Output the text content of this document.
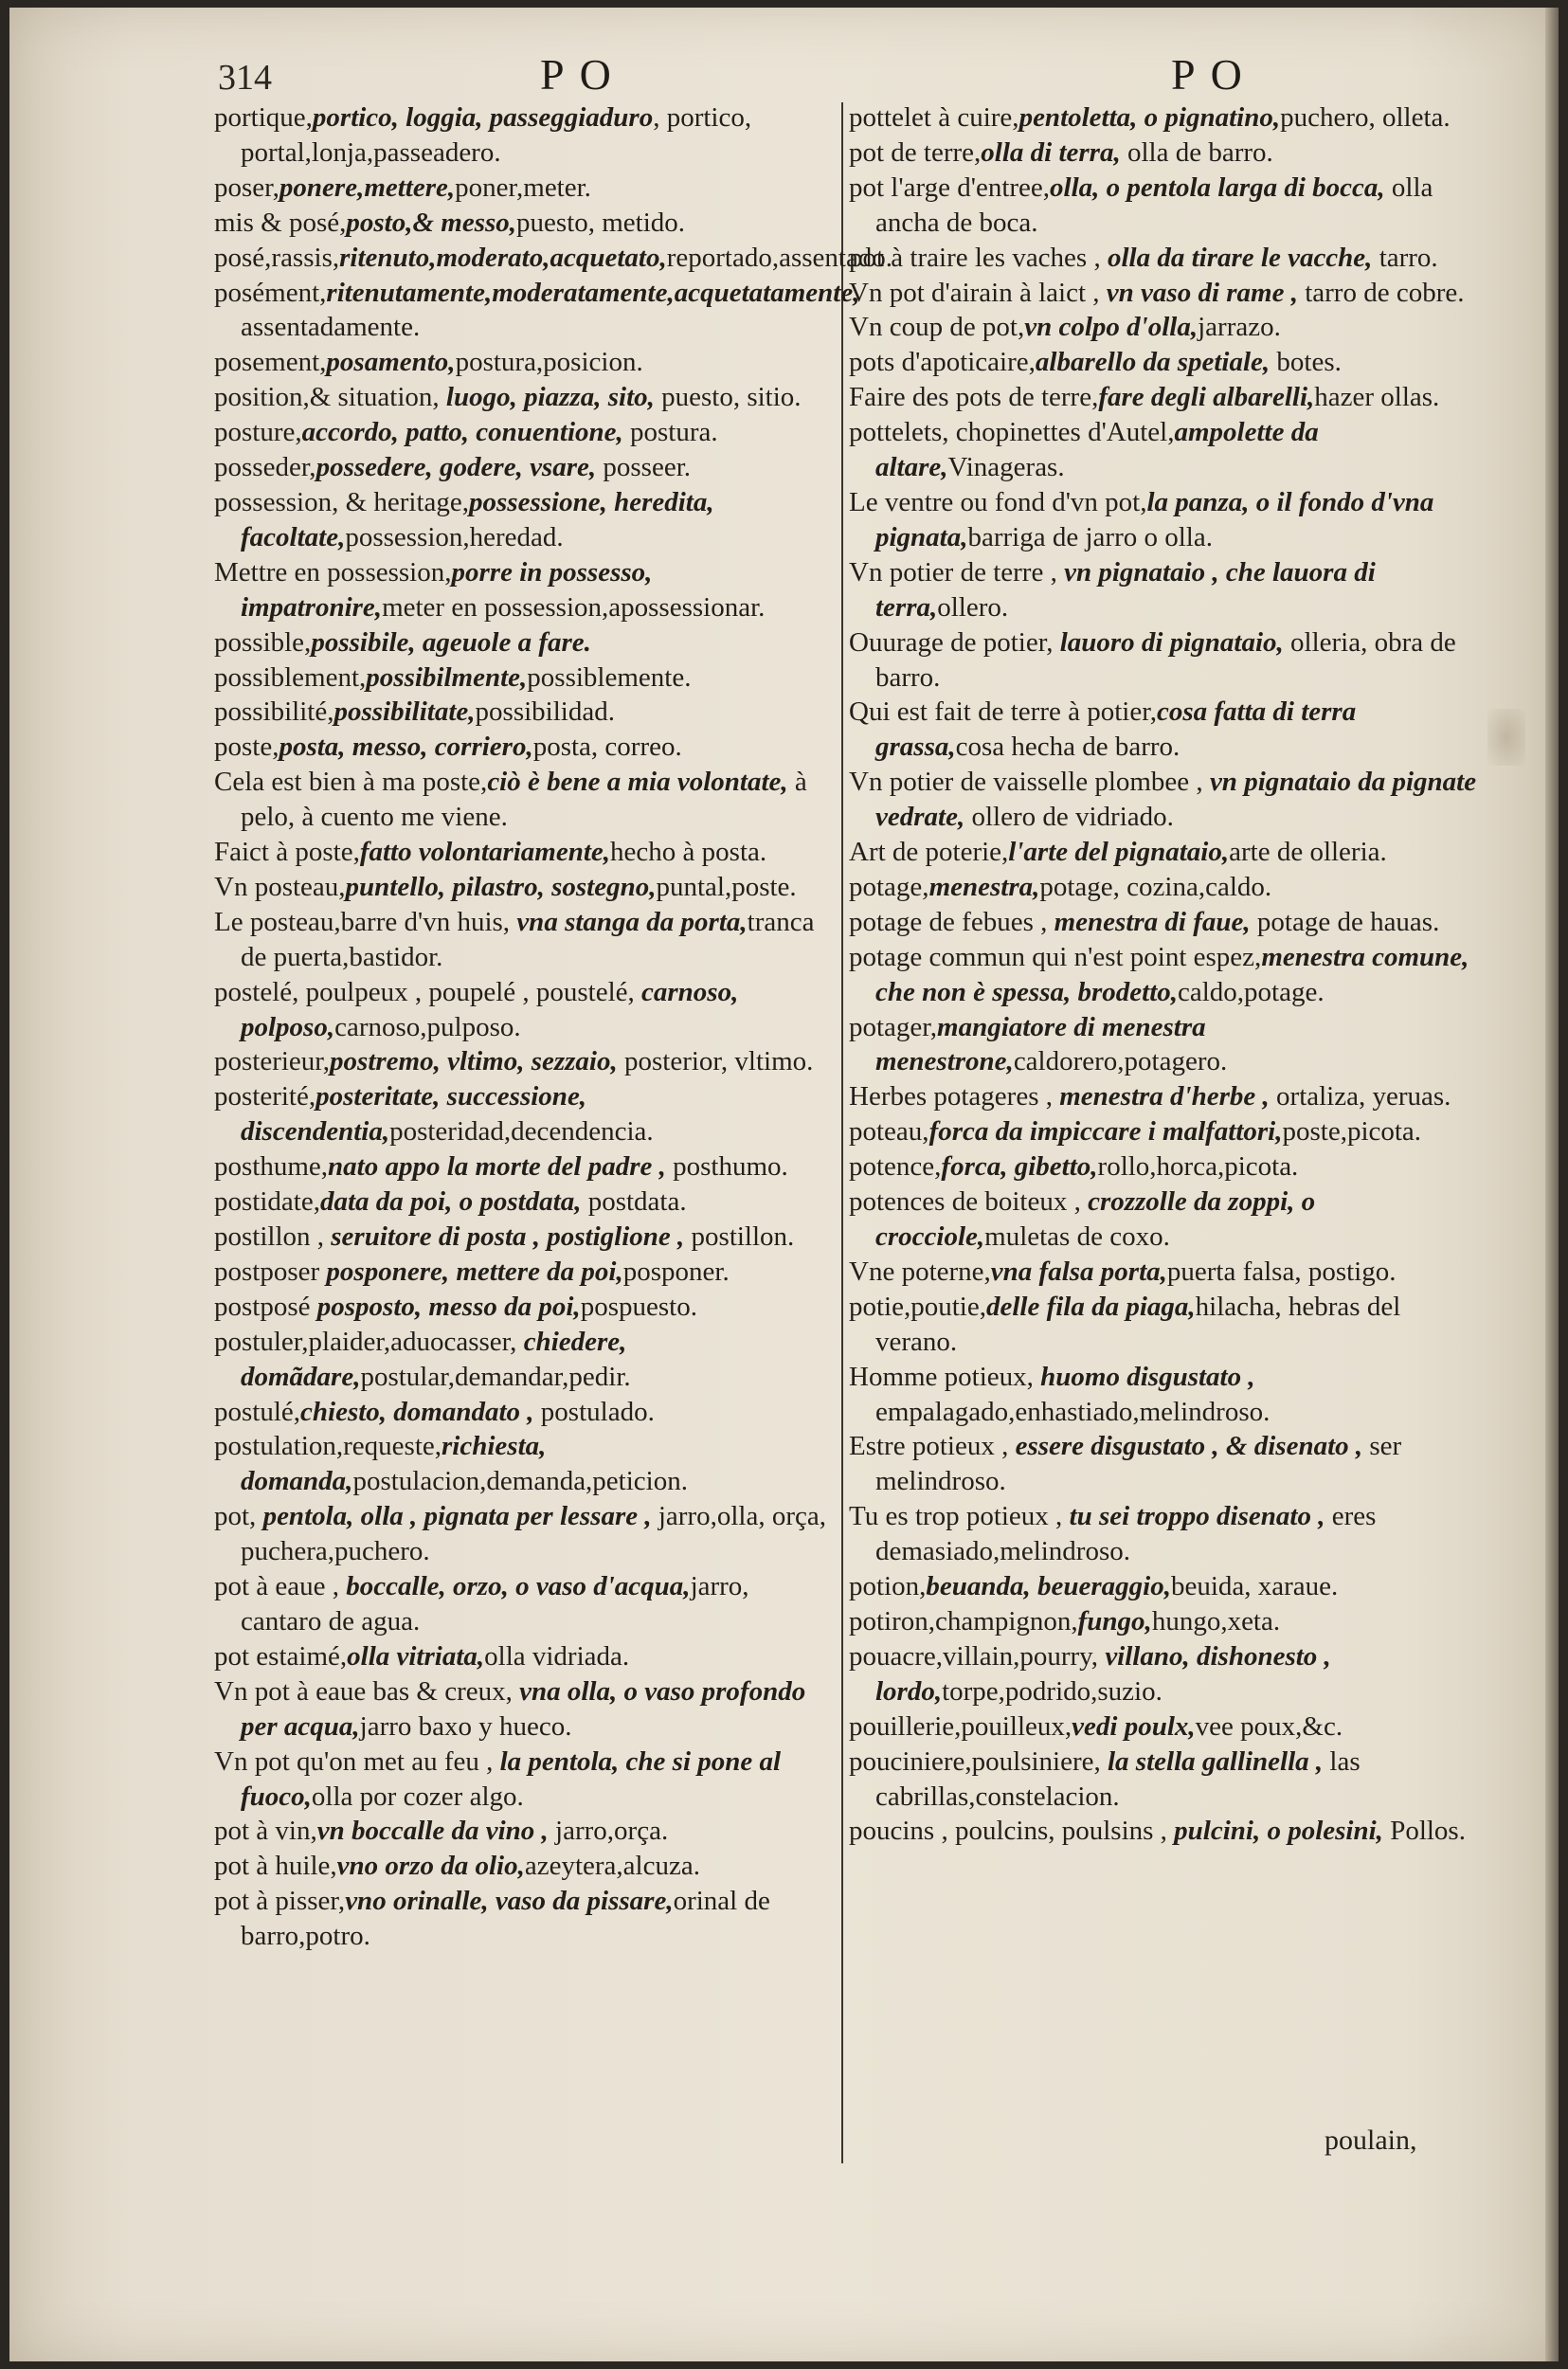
314	PO	PO

portique,portico, loggia, passeggiaduro, portico, portal,lonja,passeadero.

poser,ponere,mettere,poner,meter.

mis & posé,posto,& messo,puesto, metido.

posé,rassis,ritenuto,moderato,acquetato,reportado,assentado.

posément,ritenutamente,moderatamente,acquetatamente, assentadamente.

posement,posamento,postura,posicion.

position,& situation, luogo, piazza, sito, puesto, sitio.

posture,accordo, patto, conuentione, postura.

posseder,possedere, godere, vsare, posseer.

possession, & heritage,possessione, heredita, facoltate,possession,heredad.

Mettre en possession,porre in possesso, impatronire,meter en possession,apossessionar.

possible,possibile, ageuole a fare.

possiblement,possibilmente,possiblemente.

possibilité,possibilitate,possibilidad.

poste,posta, messo, corriero,posta, correo.

Cela est bien à ma poste,ciò è bene a mia volontate, à pelo, à cuento me viene.

Faict à poste,fatto volontariamente,hecho à posta.

Vn posteau,puntello, pilastro, sostegno,puntal,poste.

Le posteau,barre d'vn huis, vna stanga da porta,tranca de puerta,bastidor.

postelé, poulpeux , poupelé , poustelé, carnoso, polposo,carnoso,pulposo.

posterieur,postremo, vltimo, sezzaio, posterior, vltimo.

posterité,posteritate, successione, discendentia,posteridad,decendencia.

posthume,nato appo la morte del padre , posthumo.

postidate,data da poi, o postdata, postdata.

postillon , seruitore di posta , postiglione , postillon.

postposer posponere, mettere da poi,posponer.

postposé posposto, messo da poi,pospuesto.

postuler,plaider,aduocasser, chiedere, domãdare,postular,demandar,pedir.

postulé,chiesto, domandato , postulado.

postulation,requeste,richiesta, domanda,postulacion,demanda,peticion.

pot, pentola, olla , pignata per lessare , jarro,olla, orça, puchera,puchero.

pot à eaue , boccalle, orzo, o vaso d'acqua,jarro, cantaro de agua.

pot estaimé,olla vitriata,olla vidriada.

Vn pot à eaue bas & creux, vna olla, o vaso profondo per acqua,jarro baxo y hueco.

Vn pot qu'on met au feu , la pentola, che si pone al fuoco,olla por cozer algo.

pot à vin,vn boccalle da vino , jarro,orça.

pot à huile,vno orzo da olio,azeytera,alcuza.

pot à pisser,vno orinalle, vaso da pissare,orinal de barro,potro.

pottelet à cuire,pentoletta, o pignatino,puchero, olleta.

pot de terre,olla di terra, olla de barro.

pot l'arge d'entree,olla, o pentola larga di bocca, olla ancha de boca.

pot à traire les vaches , olla da tirare le vacche, tarro.

Vn pot d'airain à laict , vn vaso di rame , tarro de cobre.

Vn coup de pot,vn colpo d'olla,jarrazo.

pots d'apoticaire,albarello da spetiale, botes.

Faire des pots de terre,fare degli albarelli,hazer ollas.

pottelets, chopinettes d'Autel,ampolette da altare,Vinageras.

Le ventre ou fond d'vn pot,la panza, o il fondo d'vna pignata,barriga de jarro o olla.

Vn potier de terre , vn pignataio , che lauora di terra,ollero.

Ouurage de potier, lauoro di pignataio, olleria, obra de barro.

Qui est fait de terre à potier,cosa fatta di terra grassa,cosa hecha de barro.

Vn potier de vaisselle plombee , vn pignataio da pignate vedrate, ollero de vidriado.

Art de poterie,l'arte del pignataio,arte de olleria.

potage,menestra,potage, cozina,caldo.

potage de febues , menestra di faue, potage de hauas.

potage commun qui n'est point espez,menestra comune, che non è spessa, brodetto,caldo,potage.

potager,mangiatore di menestra menestrone,caldorero,potagero.

Herbes potageres , menestra d'herbe , ortaliza, yeruas.

poteau,forca da impiccare i malfattori,poste,picota.

potence,forca, gibetto,rollo,horca,picota.

potences de boiteux , crozzolle da zoppi, o crocciole,muletas de coxo.

Vne poterne,vna falsa porta,puerta falsa, postigo.

potie,poutie,delle fila da piaga,hilacha, hebras del verano.

Homme potieux, huomo disgustato , empalagado,enhastiado,melindroso.

Estre potieux , essere disgustato , & disenato , ser melindroso.

Tu es trop potieux , tu sei troppo disenato , eres demasiado,melindroso.

potion,beuanda, beueraggio,beuida, xaraue.

potiron,champignon,fungo,hungo,xeta.

pouacre,villain,pourry, villano, dishonesto , lordo,torpe,podrido,suzio.

pouillerie,pouilleux,vedi poulx,vee poux,&c.

pouciniere,poulsiniere, la stella gallinella , las cabrillas,constelacion.

poucins , poulcins, poulsins , pulcini, o polesini, Pollos.

poulain,
